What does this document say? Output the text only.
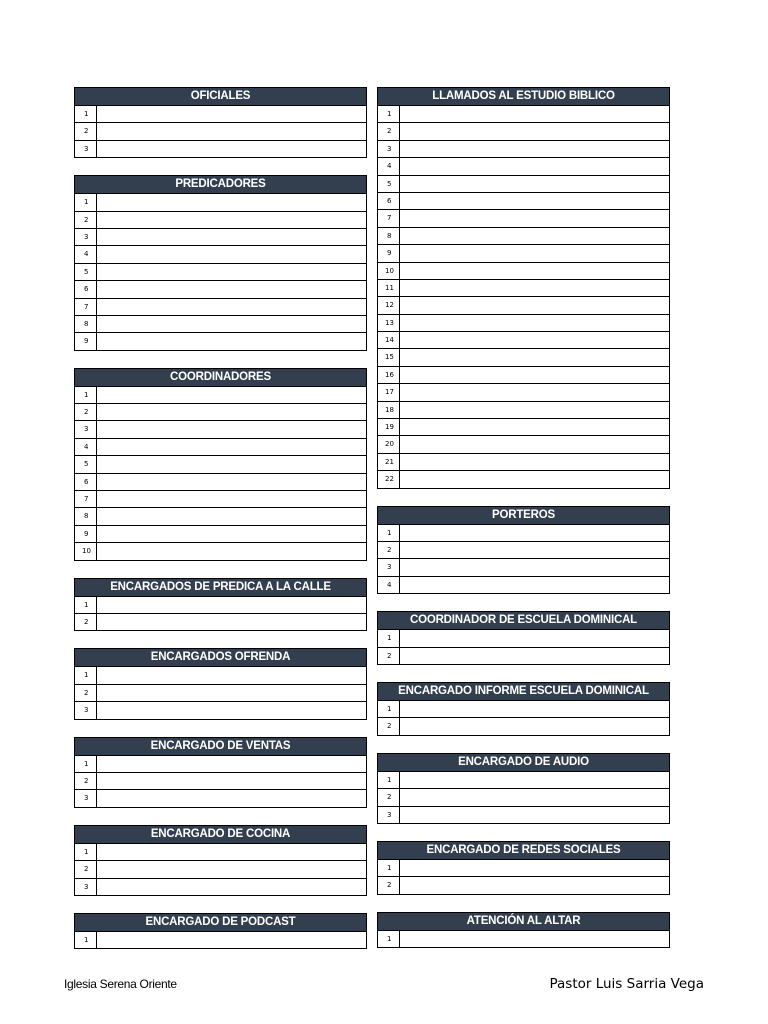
OFICIALES
1
2
3
PREDICADORES
1
2
3
4
5
6
7
8
9
COORDINADORES
1
2
3
4
5
6
7
8
9
10
ENCARGADOS DE PREDICA A LA CALLE
1
2
ENCARGADOS OFRENDA
1
2
3
ENCARGADO DE VENTAS
1
2
3
ENCARGADO DE COCINA
1
2
3
ENCARGADO DE PODCAST
1
LLAMADOS AL ESTUDIO BIBLICO
1
2
3
4
5
6
7
8
9
10
11
12
13
14
15
16
17
18
19
20
21
22
PORTEROS
1
2
3
4
COORDINADOR DE ESCUELA DOMINICAL
1
2
ENCARGADO INFORME ESCUELA DOMINICAL
1
2
ENCARGADO DE AUDIO
1
2
3
ENCARGADO DE REDES SOCIALES
1
2
ATENCIÓN AL ALTAR
1
Iglesia Serena Oriente	Pastor Luis Sarria Vega
